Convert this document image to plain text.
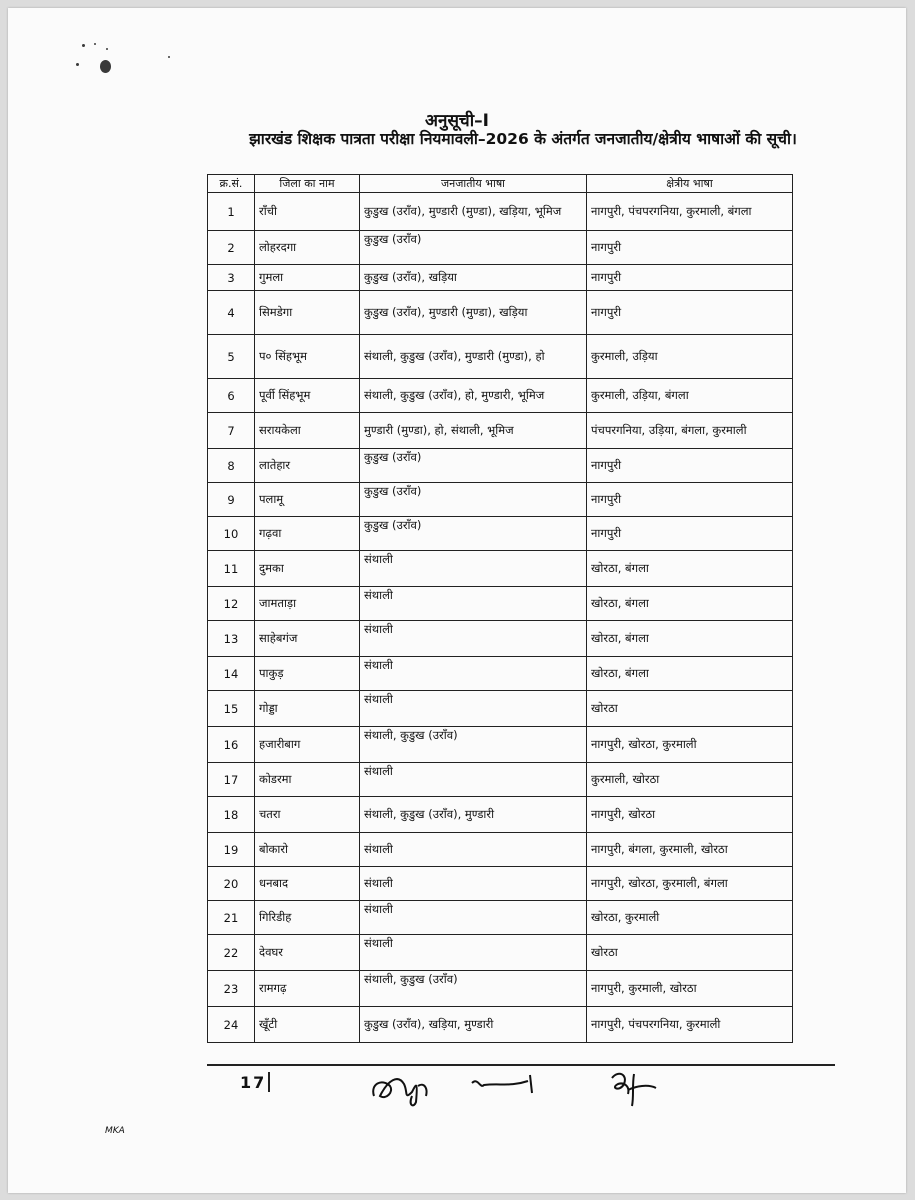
अनुसूची–I
झारखंड शिक्षक पात्रता परीक्षा नियमावली–2026 के अंतर्गत जनजातीय/क्षेत्रीय भाषाओं की सूची।
क्र.सं.	जिला का नाम	जनजातीय भाषा	क्षेत्रीय भाषा
1	राँची	कुडुख (उराँव), मुण्डारी (मुण्डा), खड़िया, भूमिज	नागपुरी, पंचपरगनिया, कुरमाली, बंगला
2	लोहरदगा	कुडुख (उराँव)	नागपुरी
3	गुमला	कुडुख (उराँव), खड़िया	नागपुरी
4	सिमडेगा	कुडुख (उराँव), मुण्डारी (मुण्डा), खड़िया	नागपुरी
5	प० सिंहभूम	संथाली, कुडुख (उराँव), मुण्डारी (मुण्डा), हो	कुरमाली, उड़िया
6	पूर्वी सिंहभूम	संथाली, कुडुख (उराँव), हो, मुण्डारी, भूमिज	कुरमाली, उड़िया, बंगला
7	सरायकेला	मुण्डारी (मुण्डा), हो, संथाली, भूमिज	पंचपरगनिया, उड़िया, बंगला, कुरमाली
8	लातेहार	कुडुख (उराँव)	नागपुरी
9	पलामू	कुडुख (उराँव)	नागपुरी
10	गढ़वा	कुडुख (उराँव)	नागपुरी
11	दुमका	संथाली	खोरठा, बंगला
12	जामताड़ा	संथाली	खोरठा, बंगला
13	साहेबगंज	संथाली	खोरठा, बंगला
14	पाकुड़	संथाली	खोरठा, बंगला
15	गोड्डा	संथाली	खोरठा
16	हजारीबाग	संथाली, कुडुख (उराँव)	नागपुरी, खोरठा, कुरमाली
17	कोडरमा	संथाली	कुरमाली, खोरठा
18	चतरा	संथाली, कुडुख (उराँव), मुण्डारी	नागपुरी, खोरठा
19	बोकारो	संथाली	नागपुरी, बंगला, कुरमाली, खोरठा
20	धनबाद	संथाली	नागपुरी, खोरठा, कुरमाली, बंगला
21	गिरिडीह	संथाली	खोरठा, कुरमाली
22	देवघर	संथाली	खोरठा
23	रामगढ़	संथाली, कुडुख (उराँव)	नागपुरी, कुरमाली, खोरठा
24	खूँटी	कुडुख (उराँव), खड़िया, मुण्डारी	नागपुरी, पंचपरगनिया, कुरमाली
17
MKA
